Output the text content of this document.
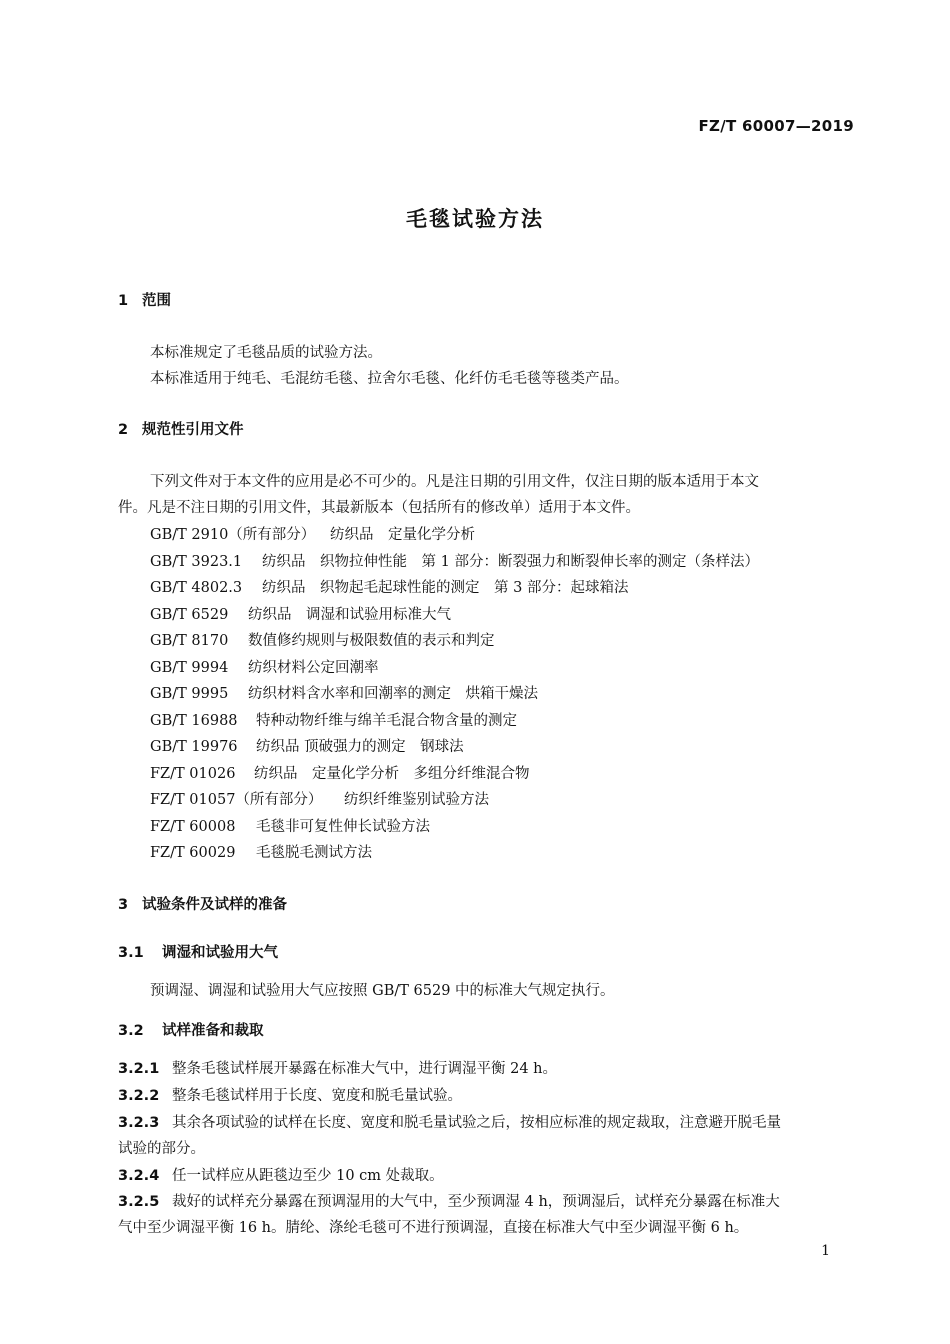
FZ/T 60007—2019
毛毯试验方法
1 范围
本标准规定了毛毯品质的试验方法。
本标准适用于纯毛、毛混纺毛毯、拉舍尔毛毯、化纤仿毛毛毯等毯类产品。
2 规范性引用文件
下列文件对于本文件的应用是必不可少的。凡是注日期的引用文件，仅注日期的版本适用于本文
件。凡是不注日期的引用文件，其最新版本（包括所有的修改单）适用于本文件。
GB/T 2910（所有部分） 纺织品　定量化学分析
GB/T 3923.1 纺织品　织物拉伸性能　第 1 部分：断裂强力和断裂伸长率的测定（条样法）
GB/T 4802.3 纺织品　织物起毛起球性能的测定　第 3 部分：起球箱法
GB/T 6529 纺织品　调湿和试验用标准大气
GB/T 8170 数值修约规则与极限数值的表示和判定
GB/T 9994 纺织材料公定回潮率
GB/T 9995 纺织材料含水率和回潮率的测定　烘箱干燥法
GB/T 16988 特种动物纤维与绵羊毛混合物含量的测定
GB/T 19976 纺织品 顶破强力的测定　钢球法
FZ/T 01026 纺织品　定量化学分析　多组分纤维混合物
FZ/T 01057（所有部分） 纺织纤维鉴别试验方法
FZ/T 60008 毛毯非可复性伸长试验方法
FZ/T 60029 毛毯脱毛测试方法
3 试验条件及试样的准备
3.1 调湿和试验用大气
预调湿、调湿和试验用大气应按照 GB/T 6529 中的标准大气规定执行。
3.2 试样准备和裁取
3.2.1 整条毛毯试样展开暴露在标准大气中，进行调湿平衡 24 h。
3.2.2 整条毛毯试样用于长度、宽度和脱毛量试验。
3.2.3 其余各项试验的试样在长度、宽度和脱毛量试验之后，按相应标准的规定裁取，注意避开脱毛量
试验的部分。
3.2.4 任一试样应从距毯边至少 10 cm 处裁取。
3.2.5 裁好的试样充分暴露在预调湿用的大气中，至少预调湿 4 h，预调湿后，试样充分暴露在标准大
气中至少调湿平衡 16 h。腈纶、涤纶毛毯可不进行预调湿，直接在标准大气中至少调湿平衡 6 h。
1
